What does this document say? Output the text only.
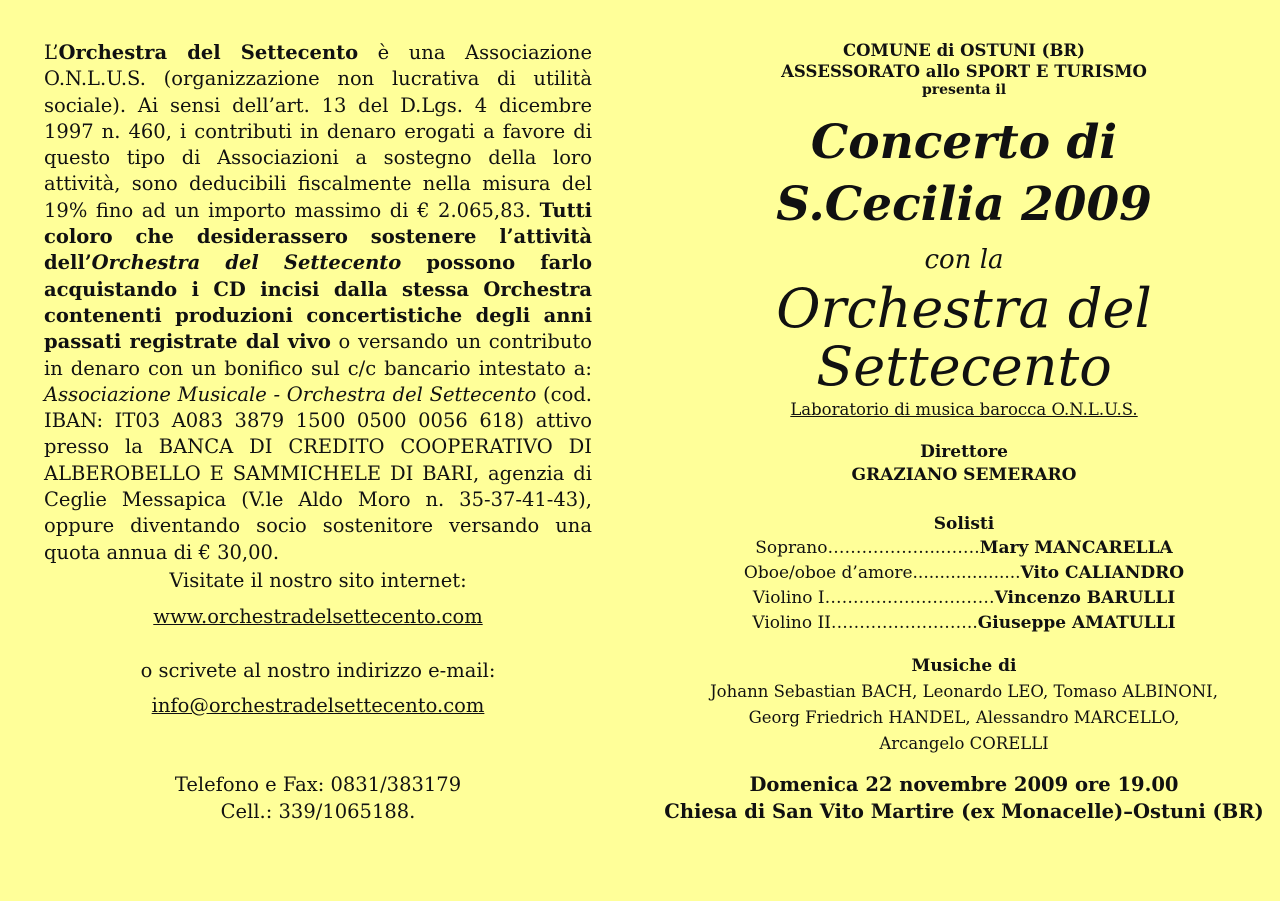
L’Orchestra del Settecento è una Associazione O.N.L.U.S. (organizzazione non lucrativa di utilità sociale). Ai sensi dell’art. 13 del D.Lgs. 4 dicembre 1997 n. 460, i contributi in denaro erogati a favore di questo tipo di Associazioni a sostegno della loro attività, sono deducibili fiscalmente nella misura del 19% fino ad un importo massimo di € 2.065,83. Tutti coloro che desiderassero sostenere l’attività dell’Orchestra del Settecento possono farlo acquistando i CD incisi dalla stessa Orchestra contenenti produzioni concertistiche degli anni passati registrate dal vivo o versando un contributo in denaro con un bonifico sul c/c bancario intestato a: Associazione Musicale - Orchestra del Settecento (cod. IBAN: IT03 A083 3879 1500 0500 0056 618) attivo presso la BANCA DI CREDITO COOPERATIVO DI ALBEROBELLO E SAMMICHELE DI BARI, agenzia di Ceglie Messapica (V.le Aldo Moro n. 35-37-41-43), oppure diventando socio sostenitore versando una quota annua di € 30,00.

Visitate il nostro sito internet:
www.orchestradelsettecento.com
o scrivete al nostro indirizzo e-mail:
info@orchestradelsettecento.com
Telefono e Fax: 0831/383179
Cell.: 339/1065188.

COMUNE di OSTUNI (BR)

ASSESSORATO allo SPORT E TURISMO

presenta il

Concerto di

S.Cecilia 2009

con la

Orchestra del

Settecento

Laboratorio di musica barocca O.N.L.U.S.

Direttore

GRAZIANO SEMERARO

Solisti

Soprano………………..…….Mary MANCARELLA

Oboe/oboe d’amore....................Vito CALIANDRO

Violino I…………………………Vincenzo BARULLI

Violino II……………………..Giuseppe AMATULLI

Musiche di

Johann Sebastian BACH, Leonardo LEO, Tomaso ALBINONI,

Georg Friedrich HANDEL, Alessandro MARCELLO,

Arcangelo CORELLI

Domenica 22 novembre 2009 ore 19.00

Chiesa di San Vito Martire (ex Monacelle)–Ostuni (BR)
